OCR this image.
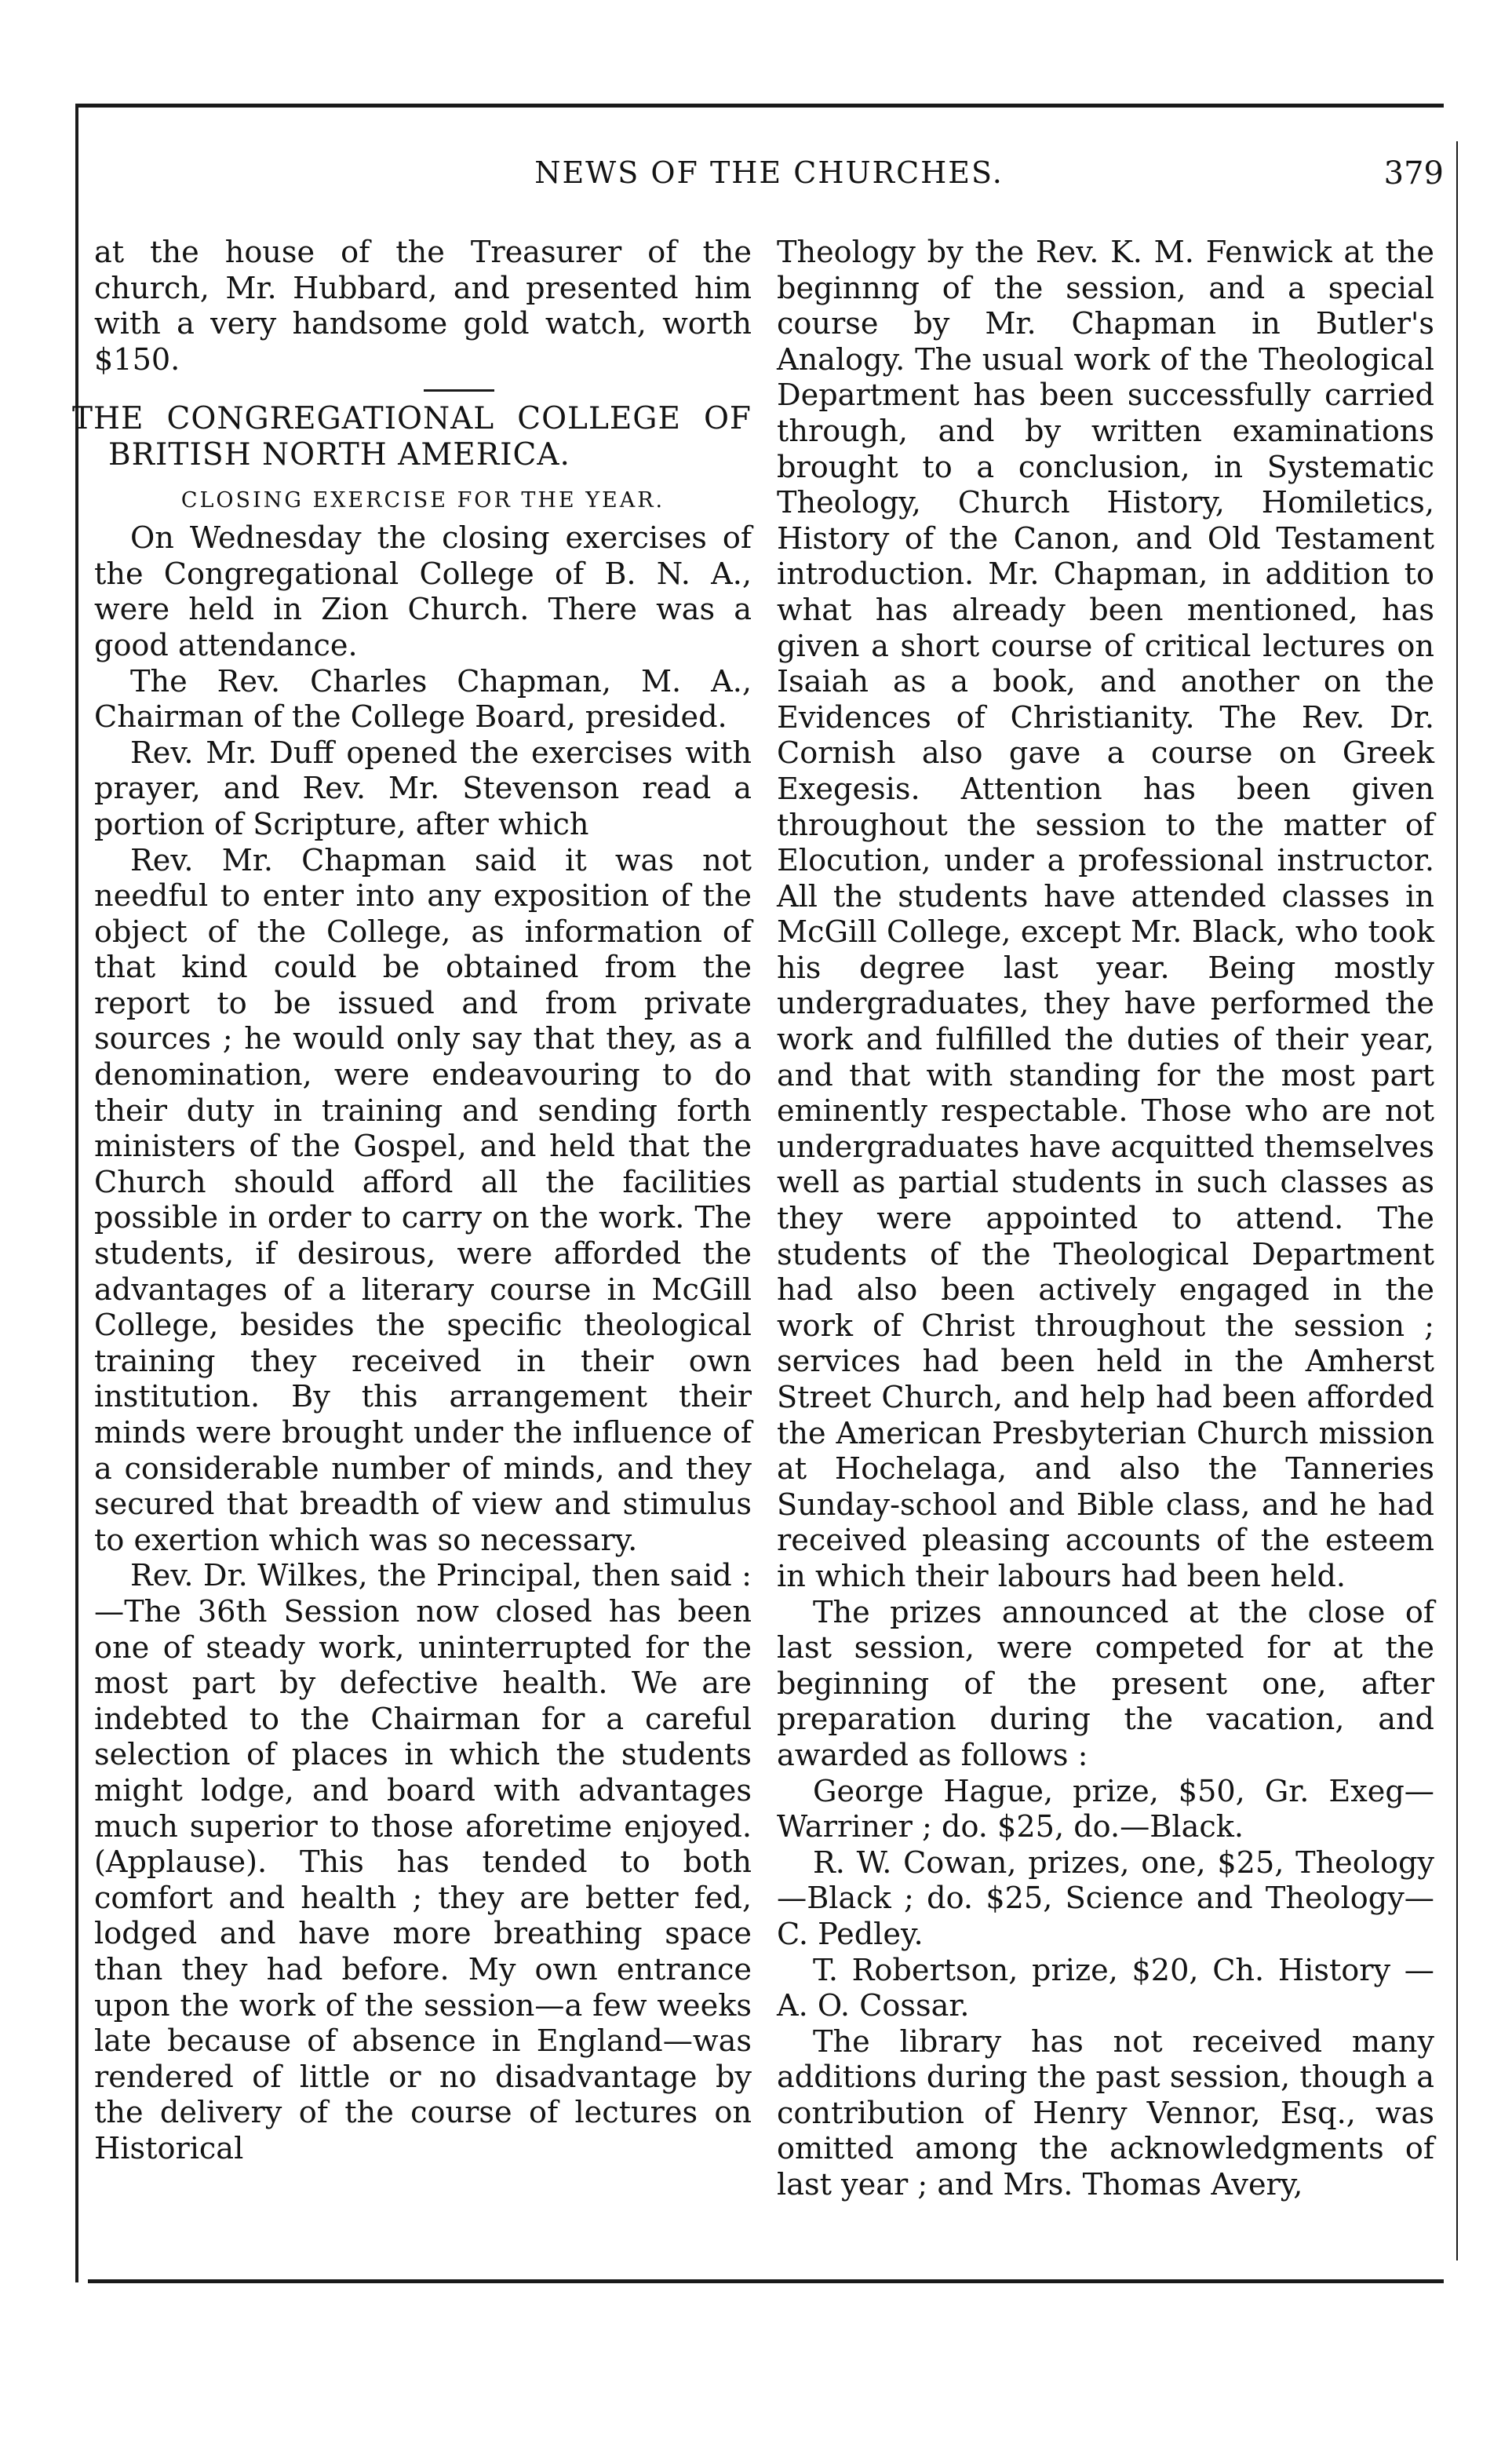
NEWS OF THE CHURCHES.	379

at the house of the Treasurer of the church, Mr. Hubbard, and presented him with a very handsome gold watch, worth $150.

THE CONGREGATIONAL COLLEGE OF BRITISH NORTH AMERICA.

CLOSING EXERCISE FOR THE YEAR.

On Wednesday the closing exercises of the Congregational College of B. N. A., were held in Zion Church. There was a good attendance.

The Rev. Charles Chapman, M. A., Chairman of the College Board, presided.

Rev. Mr. Duff opened the exercises with prayer, and Rev. Mr. Stevenson read a portion of Scripture, after which

Rev. Mr. Chapman said it was not needful to enter into any exposition of the object of the College, as information of that kind could be obtained from the report to be issued and from private sources ; he would only say that they, as a denomination, were endeavouring to do their duty in training and sending forth ministers of the Gospel, and held that the Church should afford all the facilities possible in order to carry on the work. The students, if desirous, were afforded the advantages of a literary course in McGill College, besides the specific theological training they received in their own institution. By this arrangement their minds were brought under the influence of a considerable number of minds, and they secured that breadth of view and stimulus to exertion which was so necessary.

Rev. Dr. Wilkes, the Principal, then said :—The 36th Session now closed has been one of steady work, uninterrupted for the most part by defective health. We are indebted to the Chairman for a careful selection of places in which the students might lodge, and board with advantages much superior to those aforetime enjoyed. (Applause). This has tended to both comfort and health ; they are better fed, lodged and have more breathing space than they had before. My own entrance upon the work of the session—a few weeks late because of absence in England—was rendered of little or no disadvantage by the delivery of the course of lectures on Historical

Theology by the Rev. K. M. Fenwick at the beginnng of the session, and a special course by Mr. Chapman in Butler's Analogy. The usual work of the Theological Department has been successfully carried through, and by written examinations brought to a conclusion, in Systematic Theology, Church History, Homiletics, History of the Canon, and Old Testament introduction. Mr. Chapman, in addition to what has already been mentioned, has given a short course of critical lectures on Isaiah as a book, and another on the Evidences of Christianity. The Rev. Dr. Cornish also gave a course on Greek Exegesis. Attention has been given throughout the session to the matter of Elocution, under a professional instructor. All the students have attended classes in McGill College, except Mr. Black, who took his degree last year. Being mostly undergraduates, they have performed the work and fulfilled the duties of their year, and that with standing for the most part eminently respectable. Those who are not undergraduates have acquitted themselves well as partial students in such classes as they were appointed to attend. The students of the Theological Department had also been actively engaged in the work of Christ throughout the session ; services had been held in the Amherst Street Church, and help had been afforded the American Presbyterian Church mission at Hochelaga, and also the Tanneries Sunday-school and Bible class, and he had received pleasing accounts of the esteem in which their labours had been held.

The prizes announced at the close of last session, were competed for at the beginning of the present one, after preparation during the vacation, and awarded as follows :

George Hague, prize, $50, Gr. Exeg—Warriner ; do. $25, do.—Black.

R. W. Cowan, prizes, one, $25, Theology—Black ; do. $25, Science and Theology—C. Pedley.

T. Robertson, prize, $20, Ch. History —A. O. Cossar.

The library has not received many additions during the past session, though a contribution of Henry Vennor, Esq., was omitted among the acknowledgments of last year ; and Mrs. Thomas Avery,
